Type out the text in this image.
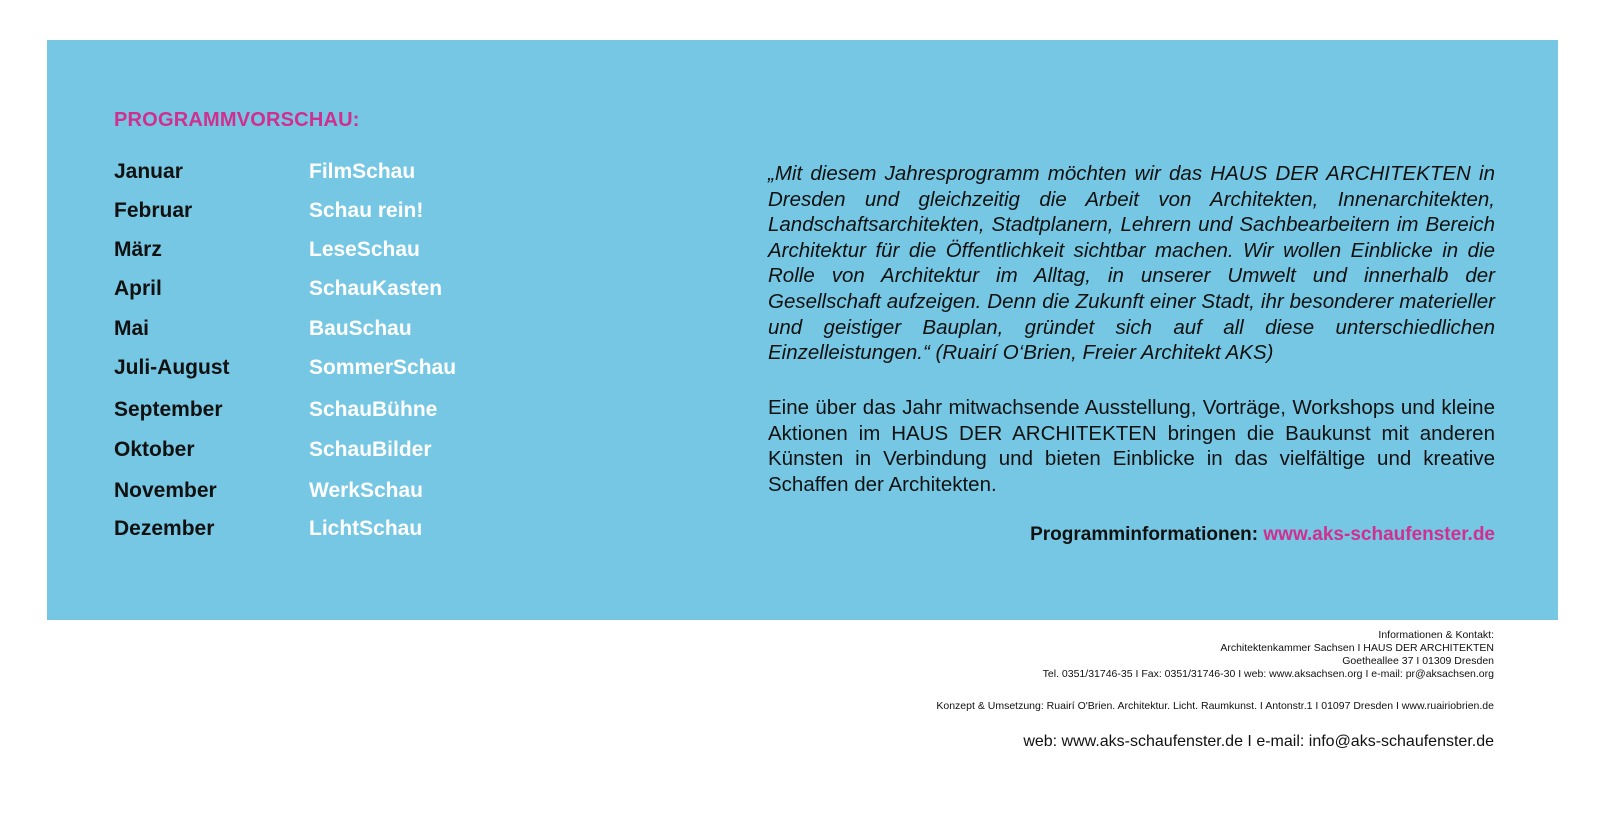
PROGRAMMVORSCHAU:
Januar	FilmSchau
Februar	Schau rein!
März	LeseSchau
April	SchauKasten
Mai	BauSchau
Juli-August	SommerSchau
September	SchauBühne
Oktober	SchauBilder
November	WerkSchau
Dezember	LichtSchau
„Mit diesem Jahresprogramm möchten wir das HAUS DER ARCHITEKTEN in Dresden und gleichzeitig die Arbeit von Architekten, Innenarchitekten, Landschaftsarchitekten, Stadtplanern, Lehrern und Sachbearbeitern im Bereich Architektur für die Öffentlichkeit sichtbar machen. Wir wollen Einblicke in die Rolle von Architektur im Alltag, in unserer Umwelt und innerhalb der Gesellschaft aufzeigen. Denn die Zukunft einer Stadt, ihr besonderer materieller und geistiger Bauplan, gründet sich auf all diese unterschiedlichen Einzelleistungen.“ (Ruairí O‘Brien, Freier Architekt AKS)
Eine über das Jahr mitwachsende Ausstellung, Vorträge, Workshops und kleine Aktionen im HAUS DER ARCHITEKTEN bringen die Baukunst mit anderen Künsten in Verbindung und bieten Einblicke in das vielfältige und kreative Schaffen der Architekten.
Programminformationen: www.aks-schaufenster.de
Informationen & Kontakt:
Architektenkammer Sachsen I HAUS DER ARCHITEKTEN
Goetheallee 37 I 01309 Dresden
Tel. 0351/31746-35 I Fax: 0351/31746-30 I web: www.aksachsen.org I e-mail: pr@aksachsen.org
Konzept & Umsetzung: Ruairí O'Brien. Architektur. Licht. Raumkunst. I Antonstr.1 I 01097 Dresden I www.ruairiobrien.de
web: www.aks-schaufenster.de I e-mail: info@aks-schaufenster.de
